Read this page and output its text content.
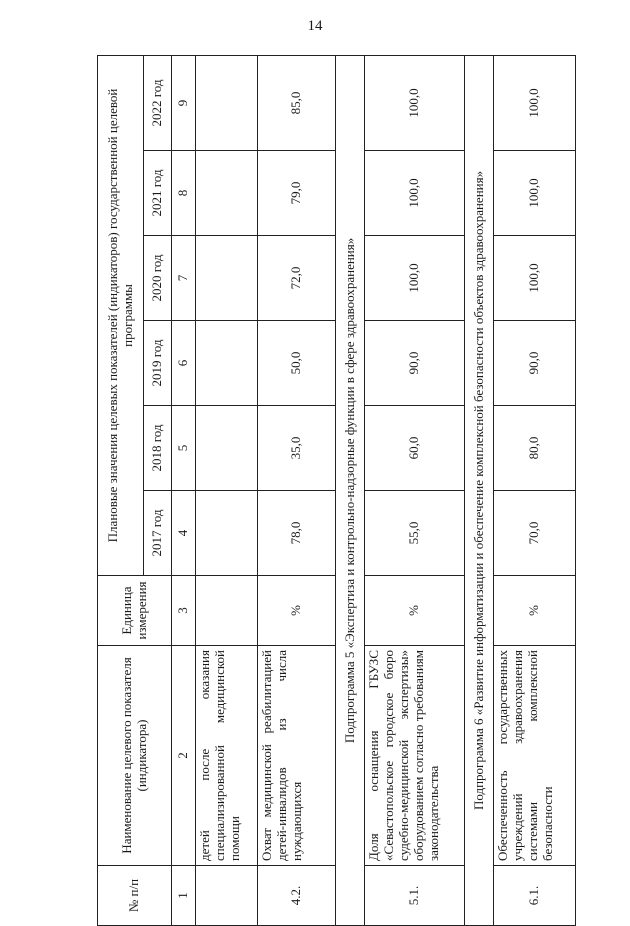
14
№ п/п	Наименование целевого показателя (индикатора)	Единица измерения	Плановые значения целевых показателей (индикаторов) государственной целевой программы					
			2017 год	2018 год	2019 год	2020 год	2021 год	2022 год
1	2	3	4	5	6	7	8	9
	детей после оказания специализированной медицинской помощи							
4.2.	Охват медицинской реабилитацией детей-инвалидов из числа нуждающихся	%	78,0	35,0	50,0	72,0	79,0	85,0
Подпрограмма 5 «Экспертиза и контрольно-надзорные функции в сфере здравоохранения»								
5.1.	Доля оснащения ГБУЗС «Севастопольское городское бюро судебно-медицинской экспертизы» оборудованием согласно требованиям законодательства	%	55,0	60,0	90,0	100,0	100,0	100,0
Подпрограмма 6 «Развитие информатизации и обеспечение комплексной безопасности объектов здравоохранения»								
6.1.	Обеспеченность государственных учреждений здравоохранения системами комплексной безопасности	%	70,0	80,0	90,0	100,0	100,0	100,0
